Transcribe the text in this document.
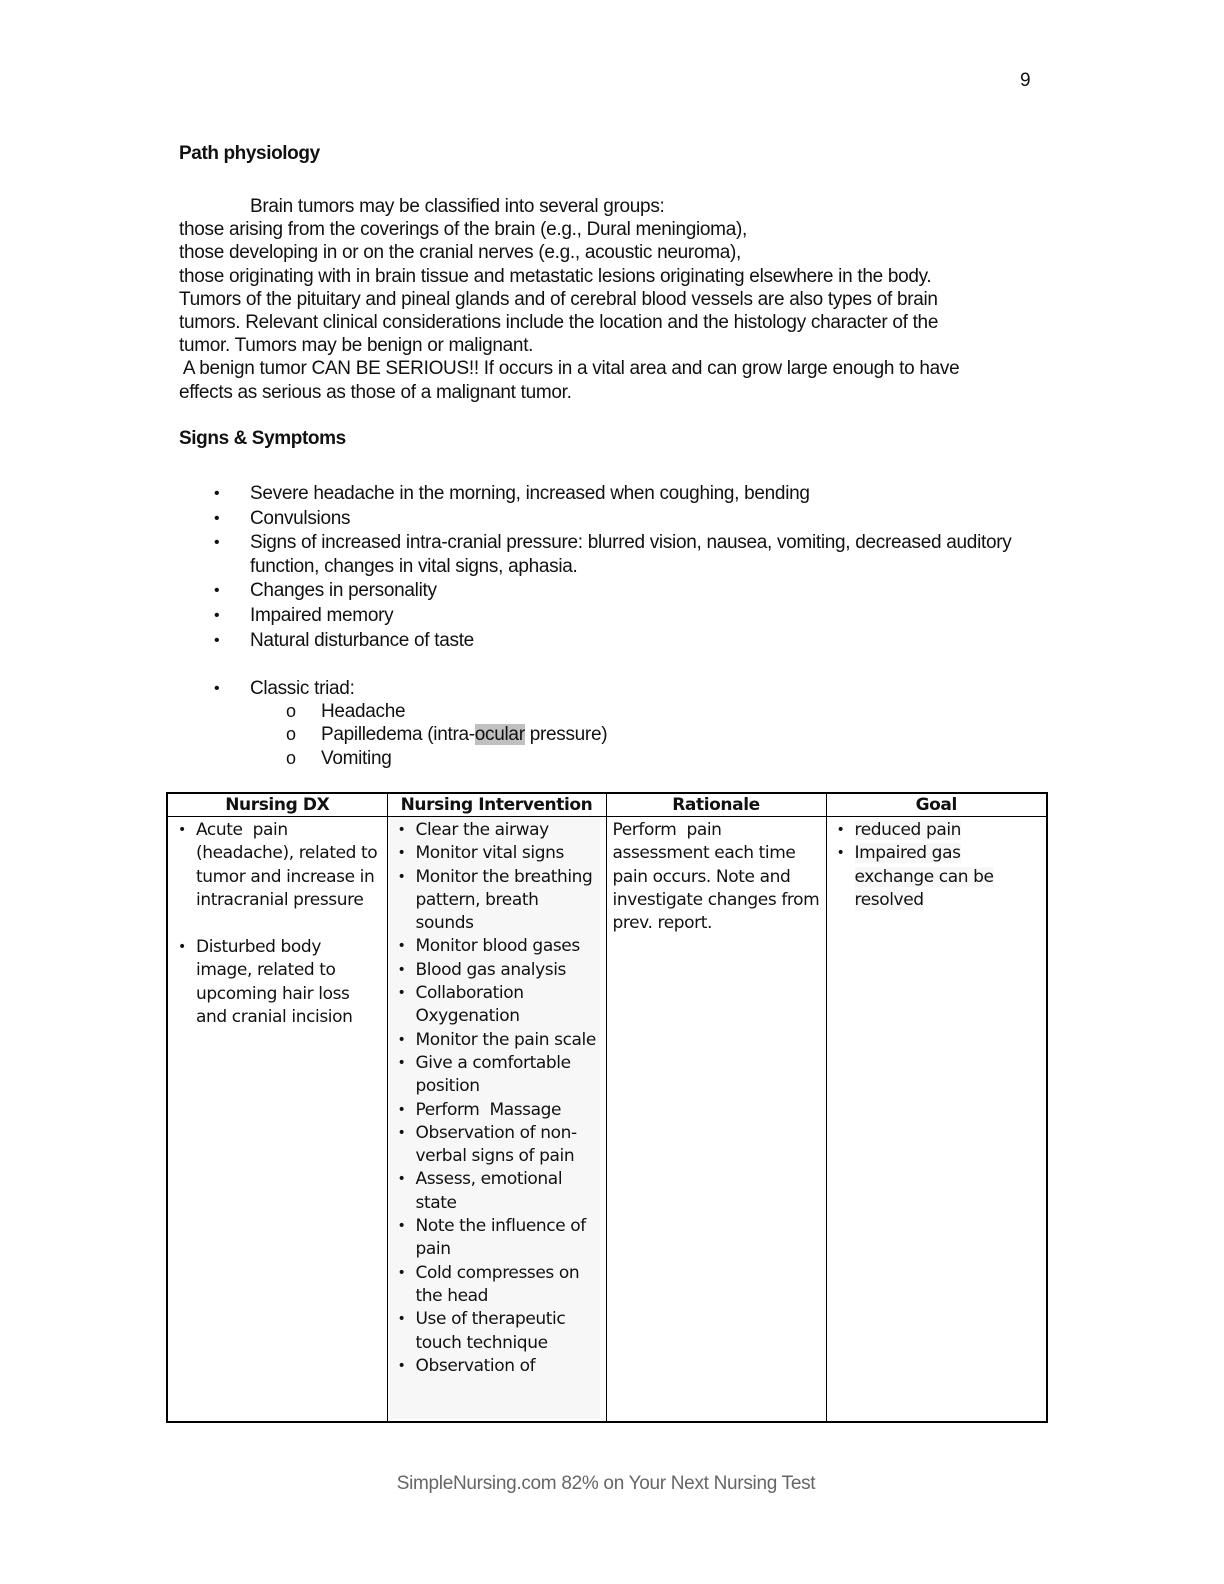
9
Path physiology
Brain tumors may be classified into several groups:
those arising from the coverings of the brain (e.g., Dural meningioma),
those developing in or on the cranial nerves (e.g., acoustic neuroma),
those originating with in brain tissue and metastatic lesions originating elsewhere in the body.
Tumors of the pituitary and pineal glands and of cerebral blood vessels are also types of brain
tumors. Relevant clinical considerations include the location and the histology character of the
tumor. Tumors may be benign or malignant.
A benign tumor CAN BE SERIOUS!! If occurs in a vital area and can grow large enough to have
effects as serious as those of a malignant tumor.
Signs & Symptoms
• Severe headache in the morning, increased when coughing, bending
• Convulsions
• Signs of increased intra-cranial pressure: blurred vision, nausea, vomiting, decreased auditory function, changes in vital signs, aphasia.
• Changes in personality
• Impaired memory
• Natural disturbance of taste
• Classic triad:
o Headache
o Papilledema (intra-ocular pressure)
o Vomiting
Nursing DX	Nursing Intervention	Rationale	Goal

• Acute  pain (headache), related to tumor and increase in intracranial pressure
• Disturbed body image, related to upcoming hair loss and cranial incision

• Clear the airway
• Monitor vital signs
• Monitor the breathing pattern, breath sounds
• Monitor blood gases
• Blood gas analysis
• Collaboration Oxygenation
• Monitor the pain scale
• Give a comfortable position
• Perform  Massage
• Observation of non-verbal signs of pain
• Assess, emotional state
• Note the influence of pain
• Cold compresses on the head
• Use of therapeutic touch technique
• Observation of

Perform  pain assessment each time pain occurs. Note and investigate changes from  prev. report.

• reduced pain
• Impaired gas exchange can be resolved
SimpleNursing.com 82% on Your Next Nursing Test
